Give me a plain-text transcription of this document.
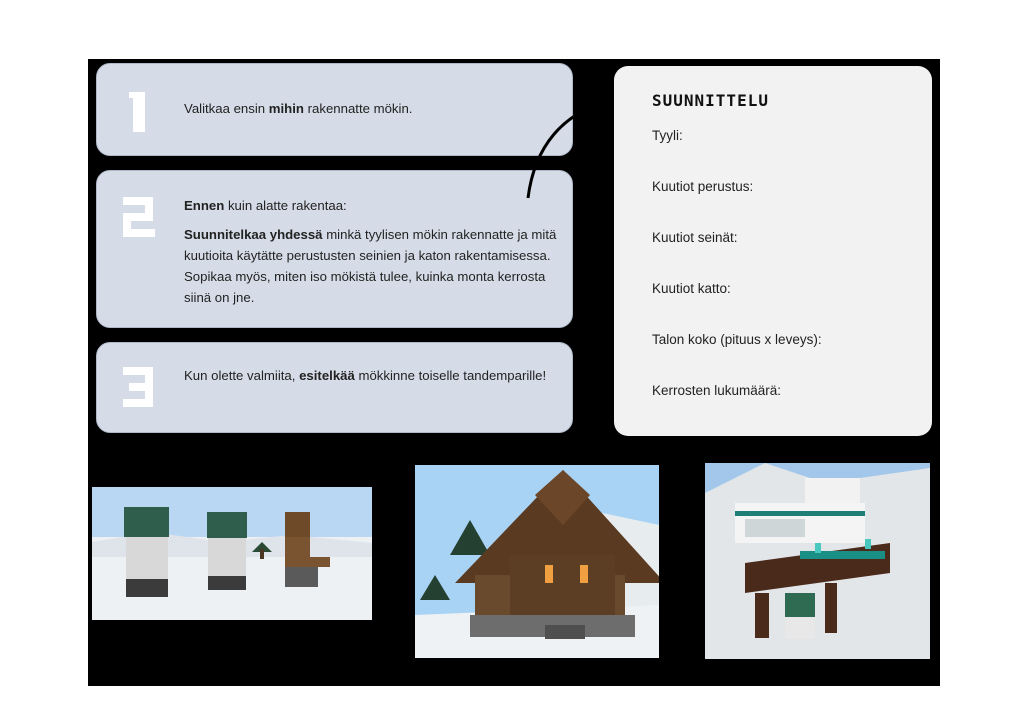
Valitkaa ensin mihin rakennatte mökin.

Ennen kuin alatte rakentaa:

Suunnitelkaa yhdessä minkä tyylisen mökin rakennatte ja mitä kuutioita käytätte perustusten seinien ja katon rakentamisessa. Sopikaa myös, miten iso mökistä tulee, kuinka monta kerrosta siinä on jne.

Kun olette valmiita, esitelkää mökkinne toiselle tandemparille!

SUUNNITTELU
Tyyli:
Kuutiot perustus:
Kuutiot seinät:
Kuutiot katto:
Talon koko (pituus x leveys):
Kerrosten lukumäärä:
